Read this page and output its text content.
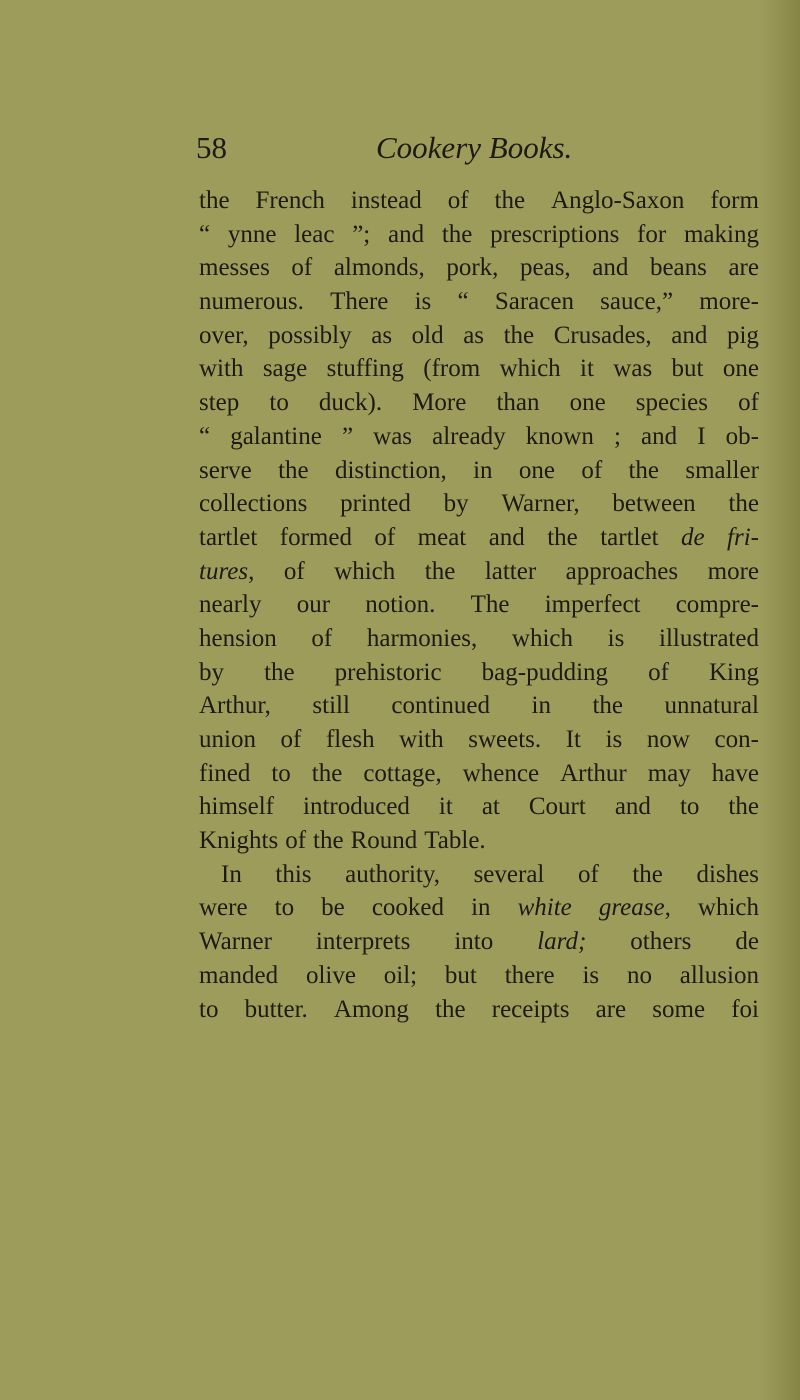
58	Cookery Books.
the French instead of the Anglo-Saxon form
“ ynne leac ”; and the prescriptions for making
messes of almonds, pork, peas, and beans are
numerous. There is “ Saracen sauce,” more-
over, possibly as old as the Crusades, and pig
with sage stuffing (from which it was but one
step to duck). More than one species of
“ galantine ” was already known ; and I ob-
serve the distinction, in one of the smaller
collections printed by Warner, between the
tartlet formed of meat and the tartlet de fri-
tures, of which the latter approaches more
nearly our notion. The imperfect compre-
hension of harmonies, which is illustrated
by the prehistoric bag-pudding of King
Arthur, still continued in the unnatural
union of flesh with sweets. It is now con-
fined to the cottage, whence Arthur may have
himself introduced it at Court and to the
Knights of the Round Table.
In this authority, several of the dishes
were to be cooked in white grease, which
Warner interprets into lard; others de
manded olive oil; but there is no allusion
to butter. Among the receipts are some foi
